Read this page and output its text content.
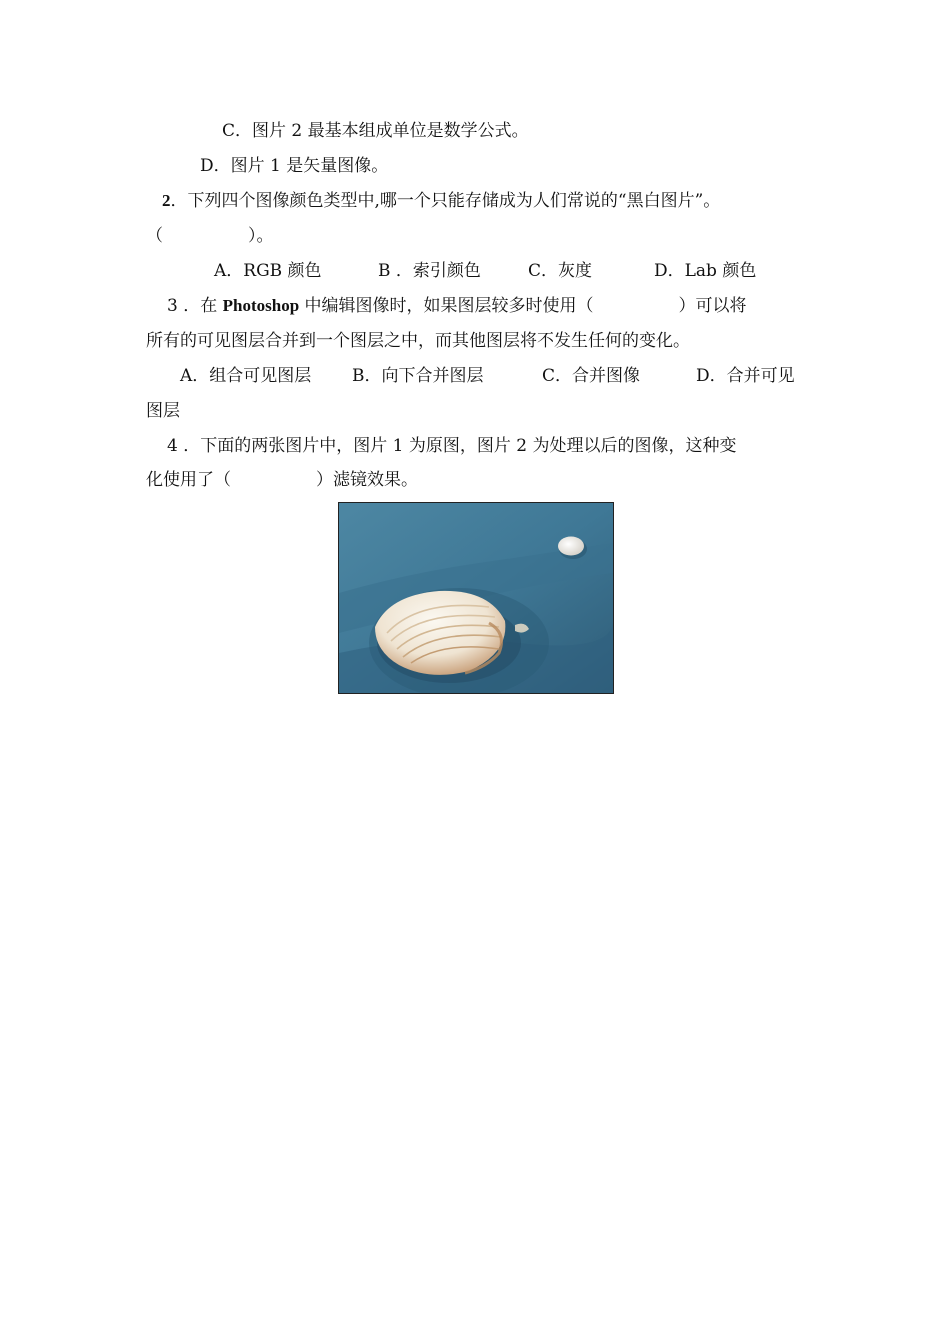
C．图片 2 最基本组成单位是数学公式。
D．图片 1 是矢量图像。
2．下列四个图像颜色类型中,哪一个只能存储成为人们常说的“黑白图片”。
（　　　　　）。
A．RGB 颜色	B ．索引颜色	C．灰度	D．Lab 颜色
3 ．在 Photoshop 中编辑图像时，如果图层较多时使用（　　　　　）可以将
所有的可见图层合并到一个图层之中，而其他图层将不发生任何的变化。
A．组合可见图层 B．向下合并图层	C．合并图像	D．合并可见
图层
4 ．下面的两张图片中，图片 1 为原图，图片 2 为处理以后的图像，这种变
化使用了（　　　　　）滤镜效果。
